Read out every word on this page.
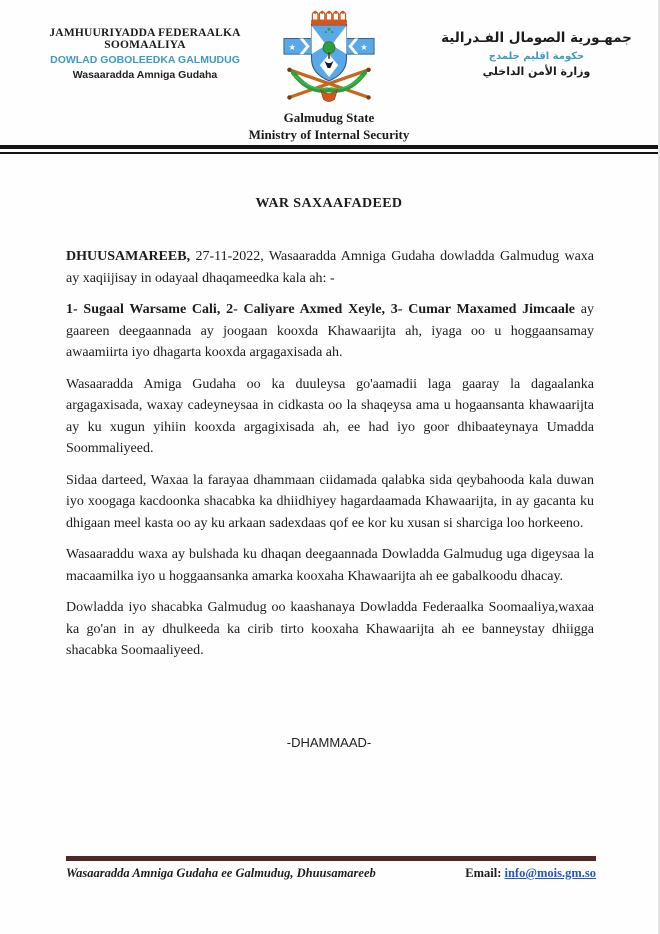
JAMHUURIYADDA FEDERAALKA SOOMAALIYA
DOWLAD GOBOLEEDKA GALMUDUG
Wasaaradda Amniga Gudaha
★	★
Galmudug State
Ministry of Internal Security
جمهـورية الصومال الفـدرالية
حكومة اقليم جلمدج
وزارة الأمن الداخلي
WAR SAXAAFADEED

DHUUSAMAREEB, 27-11-2022, Wasaaradda Amniga Gudaha dowladda Galmudug waxa ay xaqiijisay in odayaal dhaqameedka kala ah: -

1- Sugaal Warsame Cali, 2- Caliyare Axmed Xeyle, 3- Cumar Maxamed Jimcaale ay gaareen deegaannada ay joogaan kooxda Khawaarijta ah, iyaga oo u hoggaansamay awaamiirta iyo dhagarta kooxda argagaxisada ah.

Wasaaradda Amiga Gudaha oo ka duuleysa go'aamadii laga gaaray la dagaalanka argagaxisada, waxay cadeyneysaa in cidkasta oo la shaqeysa ama u hogaansanta khawaarijta ay ku xugun yihiin kooxda argagixisada ah, ee had iyo goor dhibaateynaya Umadda Soommaliyeed.

Sidaa darteed, Waxaa la farayaa dhammaan ciidamada qalabka sida qeybahooda kala duwan iyo xoogaga kacdoonka shacabka ka dhiidhiyey hagardaamada Khawaarijta, in ay gacanta ku dhigaan meel kasta oo ay ku arkaan sadexdaas qof ee kor ku xusan si sharciga loo horkeeno.

Wasaaraddu waxa ay bulshada ku dhaqan deegaannada Dowladda Galmudug uga digeysaa la macaamilka iyo u hoggaansanka amarka kooxaha Khawaarijta ah ee gabalkoodu dhacay.

Dowladda iyo shacabka Galmudug oo kaashanaya Dowladda Federaalka Soomaaliya,waxaa ka go'an in ay dhulkeeda ka cirib tirto kooxaha Khawaarijta ah ee banneystay dhiigga shacabka Soomaaliyeed.

-DHAMMAAD-
Wasaaradda Amniga Gudaha ee Galmudug, Dhuusamareeb	Email: info@mois.gm.so
